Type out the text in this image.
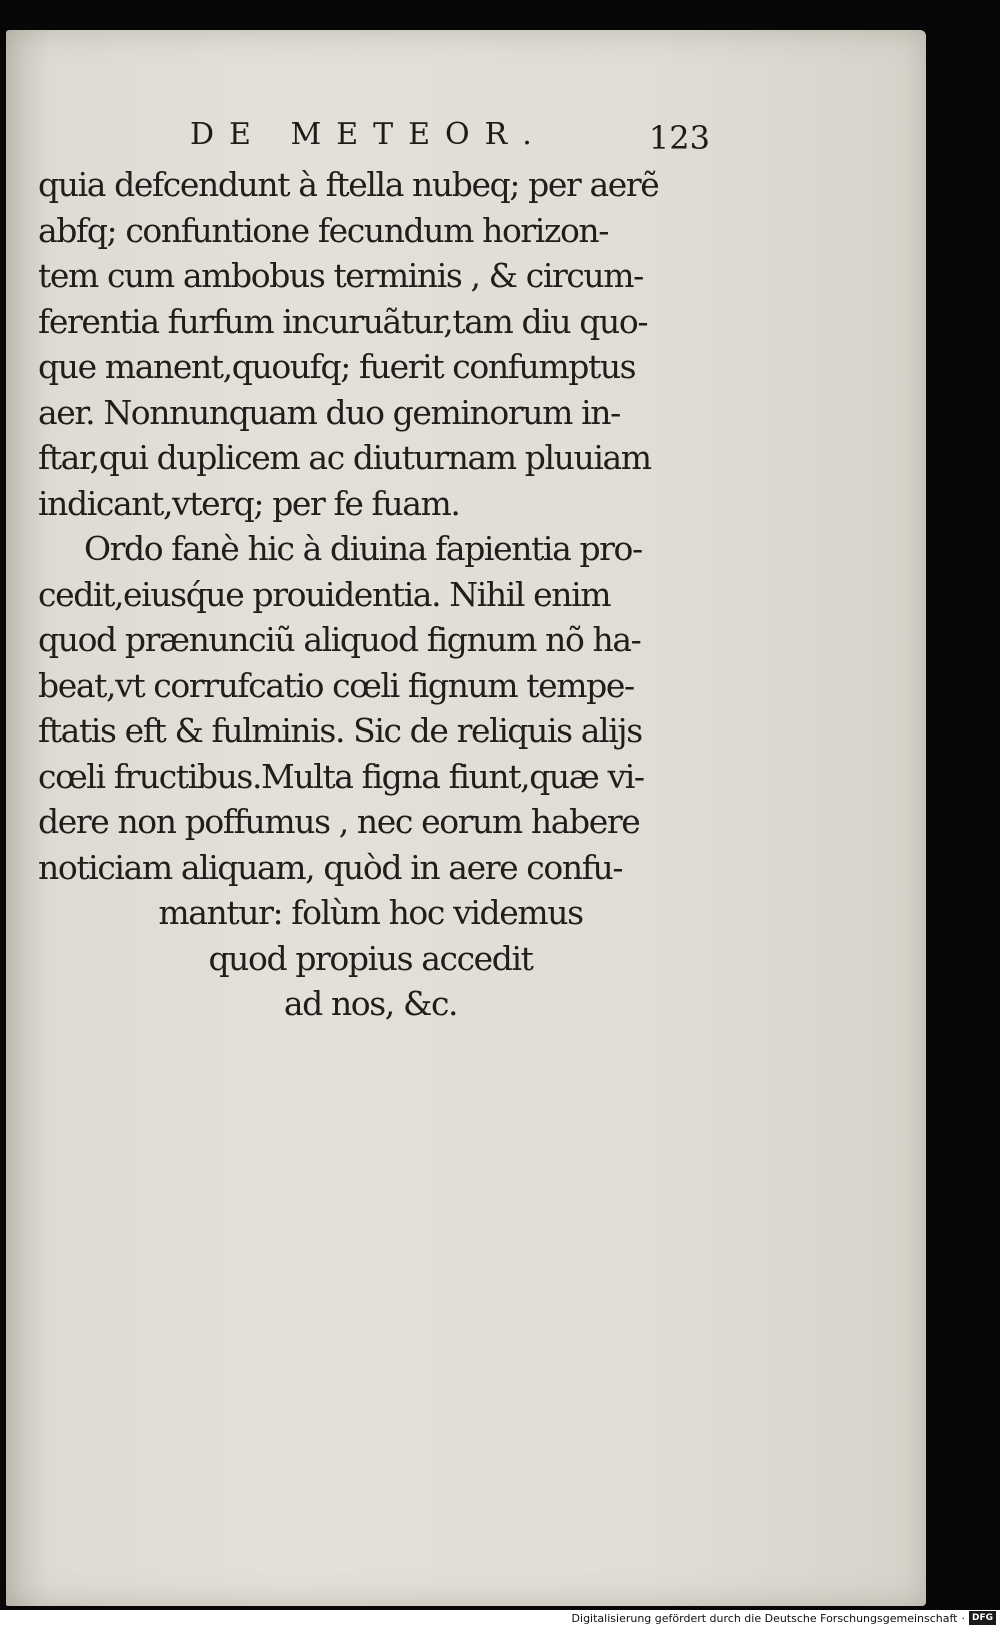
DE METEOR.	123
quia defcendunt à ftella nubeq; per aerẽ
abfq; confuntione fecundum horizon-
tem cum ambobus terminis , & circum-
ferentia furfum incuruãtur,tam diu quo-
que manent,quoufq; fuerit confumptus
aer. Nonnunquam duo geminorum in-
ftar,qui duplicem ac diuturnam pluuiam
indicant,vterq; per fe fuam.
Ordo fanè hic à diuina fapientia pro-
cedit,eiusq́ue prouidentia. Nihil enim
quod prænunciũ aliquod fignum nõ ha-
beat,vt corrufcatio cœli fignum tempe-
ftatis eft & fulminis. Sic de reliquis alijs
cœli fructibus.Multa figna fiunt,quæ vi-
dere non poffumus , nec eorum habere
noticiam aliquam, quòd in aere confu-
mantur: folùm hoc videmus
quod propius accedit
ad nos, &c.
Digitalisierung gefördert durch die Deutsche Forschungsgemeinschaft · DFG
